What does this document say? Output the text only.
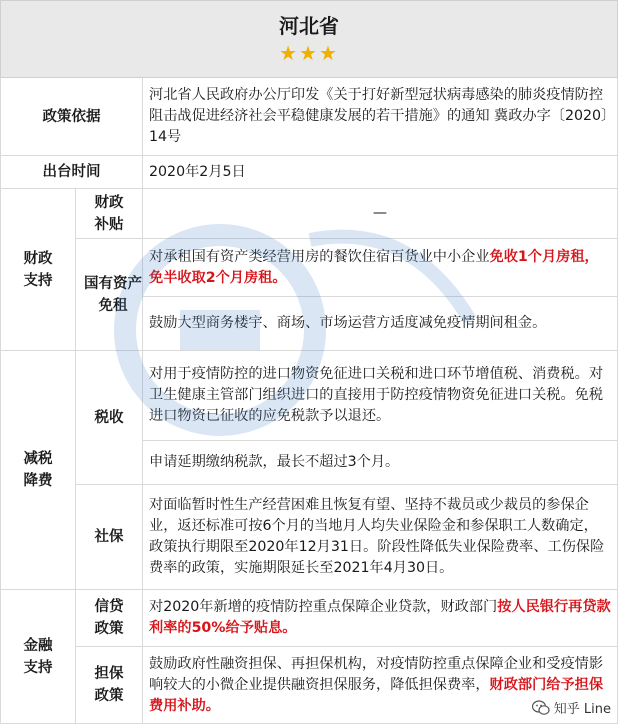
河北省
★★★		

政策依据		河北省人民政府办公厅印发《关于打好新型冠状病毒感染的肺炎疫情防控阻击战促进经济社会平稳健康发展的若干措施》的通知 冀政办字〔2020〕14号
出台时间		2020年2月5日

财政支持	财政补贴	—

	国有资产免租	对承租国有资产类经营用房的餐饮住宿百货业中小企业免收1个月房租，免半收取2个月房租。
		鼓励大型商务楼宇、商场、市场运营方适度减免疫情期间租金。

减税降费	税收	对用于疫情防控的进口物资免征进口关税和进口环节增值税、消费税。对卫生健康主管部门组织进口的直接用于防控疫情物资免征进口关税。免税进口物资已征收的应免税款予以退还。
		申请延期缴纳税款，最长不超过3个月。
	社保	对面临暂时性生产经营困难且恢复有望、坚持不裁员或少裁员的参保企业，返还标准可按6个月的当地月人均失业保险金和参保职工人数确定，政策执行期限至2020年12月31日。阶段性降低失业保险费率、工伤保险费率的政策，实施期限延长至2021年4月30日。

金融支持	信贷政策	对2020年新增的疫情防控重点保障企业贷款，财政部门按人民银行再贷款利率的50%给予贴息。

	担保政策	鼓励政府性融资担保、再担保机构，对疫情防控重点保障企业和受疫情影响较大的小微企业提供融资担保服务，降低担保费率，财政部门给予担保费用补助。	知乎 Line
